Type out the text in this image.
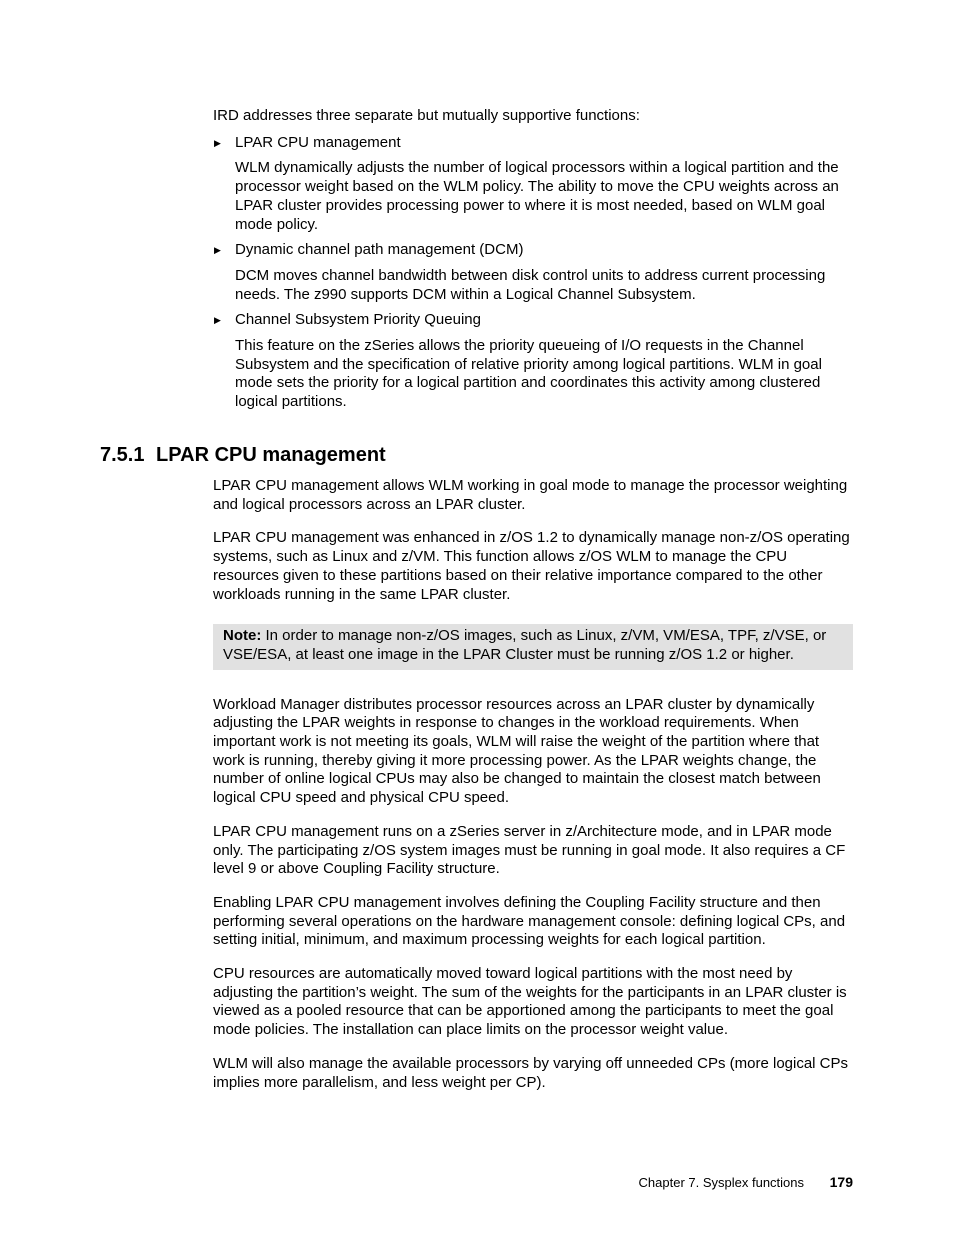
IRD addresses three separate but mutually supportive functions:

▶ LPAR CPU management
WLM dynamically adjusts the number of logical processors within a logical partition and the processor weight based on the WLM policy. The ability to move the CPU weights across an LPAR cluster provides processing power to where it is most needed, based on WLM goal mode policy.
▶ Dynamic channel path management (DCM)
DCM moves channel bandwidth between disk control units to address current processing needs. The z990 supports DCM within a Logical Channel Subsystem.
▶ Channel Subsystem Priority Queuing
This feature on the zSeries allows the priority queueing of I/O requests in the Channel Subsystem and the specification of relative priority among logical partitions. WLM in goal mode sets the priority for a logical partition and coordinates this activity among clustered logical partitions.
7.5.1 LPAR CPU management

LPAR CPU management allows WLM working in goal mode to manage the processor weighting and logical processors across an LPAR cluster.

LPAR CPU management was enhanced in z/OS 1.2 to dynamically manage non-z/OS operating systems, such as Linux and z/VM. This function allows z/OS WLM to manage the CPU resources given to these partitions based on their relative importance compared to the other workloads running in the same LPAR cluster.

Note: In order to manage non-z/OS images, such as Linux, z/VM, VM/ESA, TPF, z/VSE, or VSE/ESA, at least one image in the LPAR Cluster must be running z/OS 1.2 or higher.

Workload Manager distributes processor resources across an LPAR cluster by dynamically adjusting the LPAR weights in response to changes in the workload requirements. When important work is not meeting its goals, WLM will raise the weight of the partition where that work is running, thereby giving it more processing power. As the LPAR weights change, the number of online logical CPUs may also be changed to maintain the closest match between logical CPU speed and physical CPU speed.

LPAR CPU management runs on a zSeries server in z/Architecture mode, and in LPAR mode only. The participating z/OS system images must be running in goal mode. It also requires a CF level 9 or above Coupling Facility structure.

Enabling LPAR CPU management involves defining the Coupling Facility structure and then performing several operations on the hardware management console: defining logical CPs, and setting initial, minimum, and maximum processing weights for each logical partition.

CPU resources are automatically moved toward logical partitions with the most need by adjusting the partition’s weight. The sum of the weights for the participants in an LPAR cluster is viewed as a pooled resource that can be apportioned among the participants to meet the goal mode policies. The installation can place limits on the processor weight value.

WLM will also manage the available processors by varying off unneeded CPs (more logical CPs implies more parallelism, and less weight per CP).

Chapter 7. Sysplex functions 179
